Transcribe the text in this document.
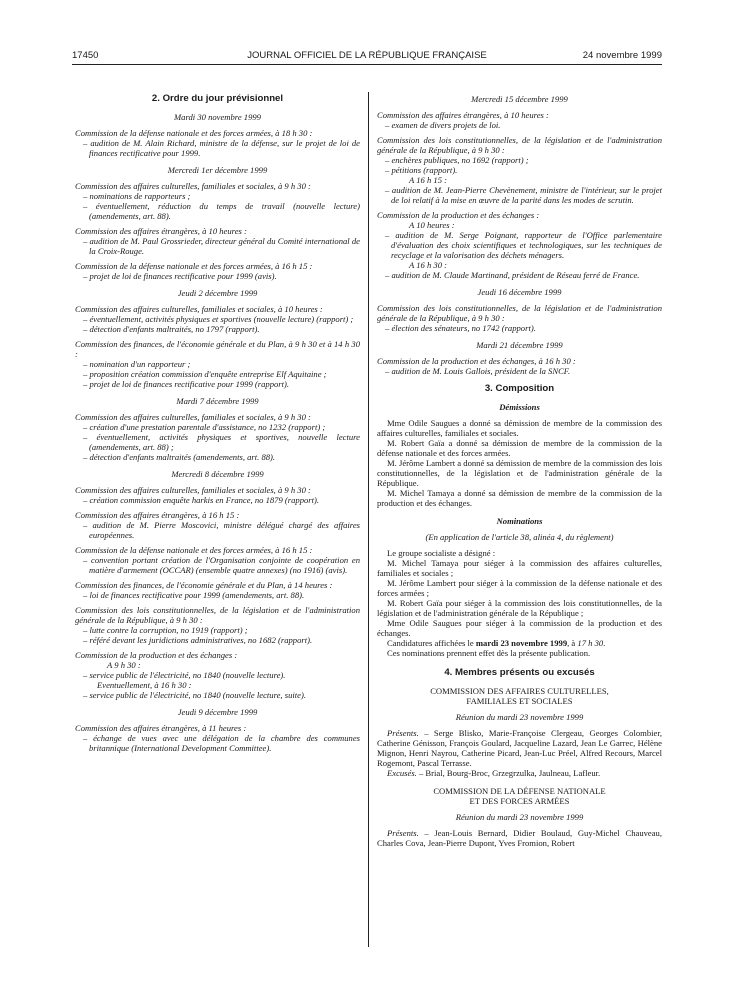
17450	JOURNAL OFFICIEL DE LA RÉPUBLIQUE FRANÇAISE	24 novembre 1999

2. Ordre du jour prévisionnel

Mardi 30 novembre 1999

Commission de la défense nationale et des forces armées, à 18 h 30 :

– audition de M. Alain Richard, ministre de la défense, sur le projet de loi de finances rectificative pour 1999.

Mercredi 1er décembre 1999

Commission des affaires culturelles, familiales et sociales, à 9 h 30 :

– nominations de rapporteurs ;

– éventuellement, réduction du temps de travail (nouvelle lecture) (amendements, art. 88).

Commission des affaires étrangères, à 10 heures :

– audition de M. Paul Grossrieder, directeur général du Comité international de la Croix-Rouge.

Commission de la défense nationale et des forces armées, à 16 h 15 :

– projet de loi de finances rectificative pour 1999 (avis).

Jeudi 2 décembre 1999

Commission des affaires culturelles, familiales et sociales, à 10 heures :

– éventuellement, activités physiques et sportives (nouvelle lecture) (rapport) ;

– détection d'enfants maltraités, no 1797 (rapport).

Commission des finances, de l'économie générale et du Plan, à 9 h 30 et à 14 h 30 :

– nomination d'un rapporteur ;

– proposition création commission d'enquête entreprise Elf Aquitaine ;

– projet de loi de finances rectificative pour 1999 (rapport).

Mardi 7 décembre 1999

Commission des affaires culturelles, familiales et sociales, à 9 h 30 :

– création d'une prestation parentale d'assistance, no 1232 (rapport) ;

– éventuellement, activités physiques et sportives, nouvelle lecture (amendements, art. 88) ;

– détection d'enfants maltraités (amendements, art. 88).

Mercredi 8 décembre 1999

Commission des affaires culturelles, familiales et sociales, à 9 h 30 :

– création commission enquête harkis en France, no 1879 (rapport).

Commission des affaires étrangères, à 16 h 15 :

– audition de M. Pierre Moscovici, ministre délégué chargé des affaires européennes.

Commission de la défense nationale et des forces armées, à 16 h 15 :

– convention portant création de l'Organisation conjointe de coopération en matière d'armement (OCCAR) (ensemble quatre annexes) (no 1916) (avis).

Commission des finances, de l'économie générale et du Plan, à 14 heures :

– loi de finances rectificative pour 1999 (amendements, art. 88).

Commission des lois constitutionnelles, de la législation et de l'administration générale de la République, à 9 h 30 :

– lutte contre la corruption, no 1919 (rapport) ;

– référé devant les juridictions administratives, no 1682 (rapport).

Commission de la production et des échanges :

A 9 h 30 :

– service public de l'électricité, no 1840 (nouvelle lecture).

Eventuellement, à 16 h 30 :

– service public de l'électricité, no 1840 (nouvelle lecture, suite).

Jeudi 9 décembre 1999

Commission des affaires étrangères, à 11 heures :

– échange de vues avec une délégation de la chambre des communes britannique (International Development Committee).

Mercredi 15 décembre 1999

Commission des affaires étrangères, à 10 heures :

– examen de divers projets de loi.

Commission des lois constitutionnelles, de la législation et de l'administration générale de la République, à 9 h 30 :

– enchères publiques, no 1692 (rapport) ;

– pétitions (rapport).

A 16 h 15 :

– audition de M. Jean-Pierre Chevènement, ministre de l'intérieur, sur le projet de loi relatif à la mise en œuvre de la parité dans les modes de scrutin.

Commission de la production et des échanges :

A 10 heures :

– audition de M. Serge Poignant, rapporteur de l'Office parlementaire d'évaluation des choix scientifiques et technologiques, sur les techniques de recyclage et la valorisation des déchets ménagers.

A 16 h 30 :

– audition de M. Claude Martinand, président de Réseau ferré de France.

Jeudi 16 décembre 1999

Commission des lois constitutionnelles, de la législation et de l'administration générale de la République, à 9 h 30 :

– élection des sénateurs, no 1742 (rapport).

Mardi 21 décembre 1999

Commission de la production et des échanges, à 16 h 30 :

– audition de M. Louis Gallois, président de la SNCF.

3. Composition

Démissions

Mme Odile Saugues a donné sa démission de membre de la commission des affaires culturelles, familiales et sociales.

M. Robert Gaïa a donné sa démission de membre de la commission de la défense nationale et des forces armées.

M. Jérôme Lambert a donné sa démission de membre de la commission des lois constitutionnelles, de la législation et de l'administration générale de la République.

M. Michel Tamaya a donné sa démission de membre de la commission de la production et des échanges.

Nominations

(En application de l'article 38, alinéa 4, du règlement)

Le groupe socialiste a désigné :

M. Michel Tamaya pour siéger à la commission des affaires culturelles, familiales et sociales ;

M. Jérôme Lambert pour siéger à la commission de la défense nationale et des forces armées ;

M. Robert Gaïa pour siéger à la commission des lois constitutionnelles, de la législation et de l'administration générale de la République ;

Mme Odile Saugues pour siéger à la commission de la production et des échanges.

Candidatures affichées le mardi 23 novembre 1999, à 17 h 30.

Ces nominations prennent effet dès la présente publication.

4. Membres présents ou excusés

COMMISSION DES AFFAIRES CULTURELLES,
FAMILIALES ET SOCIALES

Réunion du mardi 23 novembre 1999

Présents. – Serge Blisko, Marie-Françoise Clergeau, Georges Colombier, Catherine Génisson, François Goulard, Jacqueline Lazard, Jean Le Garrec, Hélène Mignon, Henri Nayrou, Catherine Picard, Jean-Luc Préel, Alfred Recours, Marcel Rogemont, Pascal Terrasse.

Excusés. – Brial, Bourg-Broc, Grzegrzulka, Jaulneau, Lafleur.

COMMISSION DE LA DÉFENSE NATIONALE
ET DES FORCES ARMÉES

Réunion du mardi 23 novembre 1999

Présents. – Jean-Louis Bernard, Didier Boulaud, Guy-Michel Chauveau, Charles Cova, Jean-Pierre Dupont, Yves Fromion, Robert
